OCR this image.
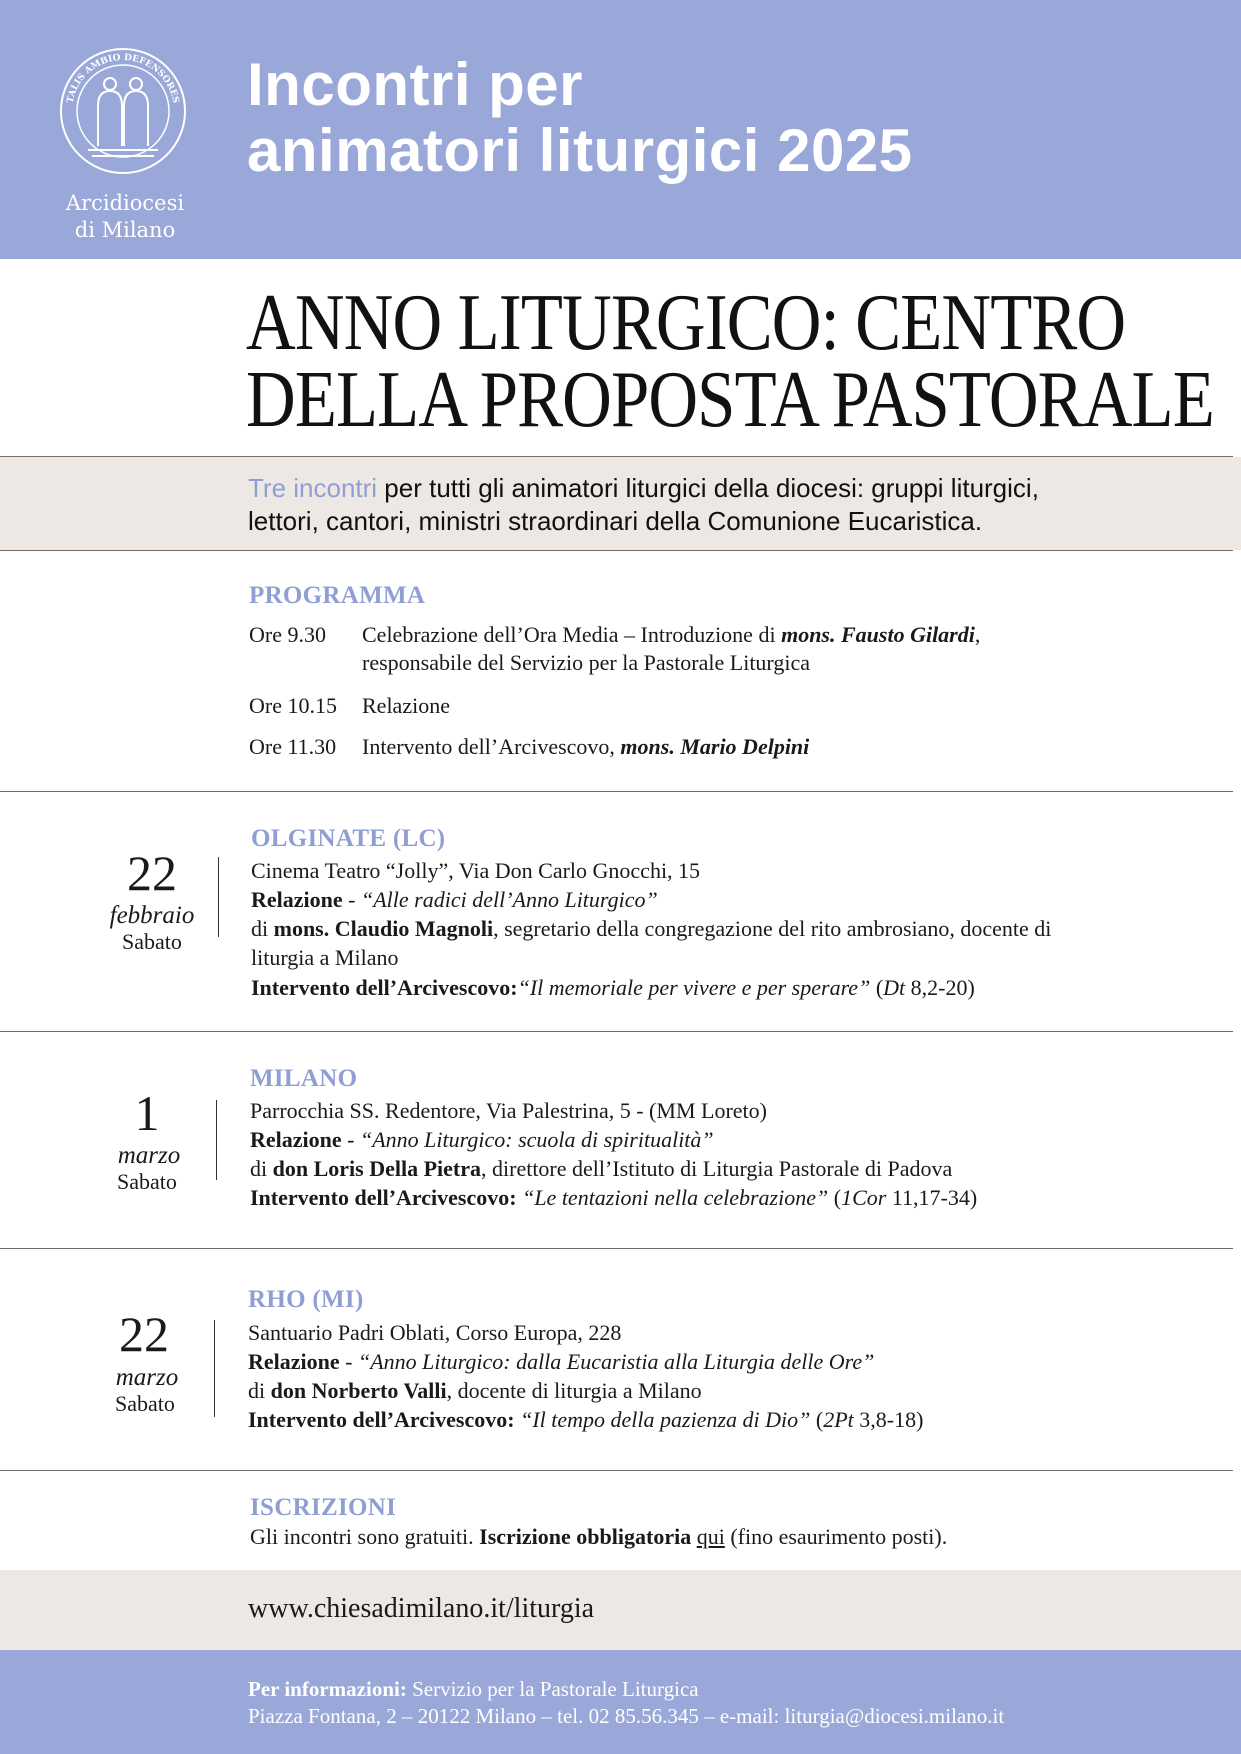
TALIS AMBIO DEFENSORES
Arcidiocesi
di Milano
Incontri per
animatori liturgici 2025
ANNO LITURGICO: CENTRO
DELLA PROPOSTA PASTORALE
Tre incontri per tutti gli animatori liturgici della diocesi: gruppi liturgici,
lettori, cantori, ministri straordinari della Comunione Eucaristica.
PROGRAMMA
Ore 9.30 Celebrazione dell’Ora Media – Introduzione di mons. Fausto Gilardi,
responsabile del Servizio per la Pastorale Liturgica
Ore 10.15 Relazione
Ore 11.30 Intervento dell’Arcivescovo, mons. Mario Delpini
22
febbraio
Sabato
OLGINATE (LC)
Cinema Teatro “Jolly”, Via Don Carlo Gnocchi, 15
Relazione - “Alle radici dell’Anno Liturgico”
di mons. Claudio Magnoli, segretario della congregazione del rito ambrosiano, docente di
liturgia a Milano
Intervento dell’Arcivescovo:“Il memoriale per vivere e per sperare” (Dt 8,2-20)
1
marzo
Sabato
MILANO
Parrocchia SS. Redentore, Via Palestrina, 5 - (MM Loreto)
Relazione - “Anno Liturgico: scuola di spiritualità”
di don Loris Della Pietra, direttore dell’Istituto di Liturgia Pastorale di Padova
Intervento dell’Arcivescovo: “Le tentazioni nella celebrazione” (1Cor 11,17-34)
22
marzo
Sabato
RHO (MI)
Santuario Padri Oblati, Corso Europa, 228
Relazione - “Anno Liturgico: dalla Eucaristia alla Liturgia delle Ore”
di don Norberto Valli, docente di liturgia a Milano
Intervento dell’Arcivescovo: “Il tempo della pazienza di Dio” (2Pt 3,8-18)
ISCRIZIONI
Gli incontri sono gratuiti. Iscrizione obbligatoria qui (fino esaurimento posti).
www.chiesadimilano.it/liturgia
Per informazioni: Servizio per la Pastorale Liturgica
Piazza Fontana, 2 – 20122 Milano – tel. 02 85.56.345 – e-mail: liturgia@diocesi.milano.it
